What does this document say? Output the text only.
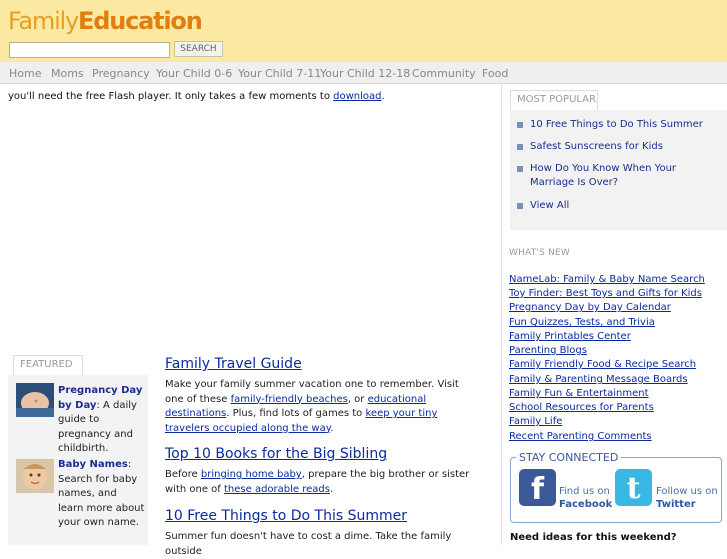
FamilyEducation
SEARCH
Home Moms Pregnancy Your Child 0-6 Your Child 7-11
Your Child 12-18 Community Food
you'll need the free Flash player. It only takes a few moments to download.	MOST POPULAR
10 Free Things to Do This Summer
Safest Sunscreens for Kids
How Do You Know When Your Marriage Is Over?
View All
WHAT'S NEW
NameLab: Family & Baby Name Search
Toy Finder: Best Toys and Gifts for Kids
Pregnancy Day by Day Calendar
Fun Quizzes, Tests, and Trivia
Family Printables Center
Parenting Blogs
Family Friendly Food & Recipe Search
Family & Parenting Message Boards
Family Fun & Entertainment
School Resources for Parents
Family Life
Recent Parenting Comments
STAY CONNECTED
f	Find us on
Facebook t	Follow us on
Twitter
Need ideas for this weekend?
FEATURED
Pregnancy Day by Day: A daily guide to pregnancy and childbirth.
Baby Names: Search for baby names, and learn more about your own name.
Family Travel Guide
Make your family summer vacation one to remember. Visit one of these family-friendly beaches, or educational destinations. Plus, find lots of games to keep your tiny travelers occupied along the way.
Top 10 Books for the Big Sibling
Before bringing home baby, prepare the big brother or sister with one of these adorable reads.
10 Free Things to Do This Summer
Summer fun doesn't have to cost a dime. Take the family outside
